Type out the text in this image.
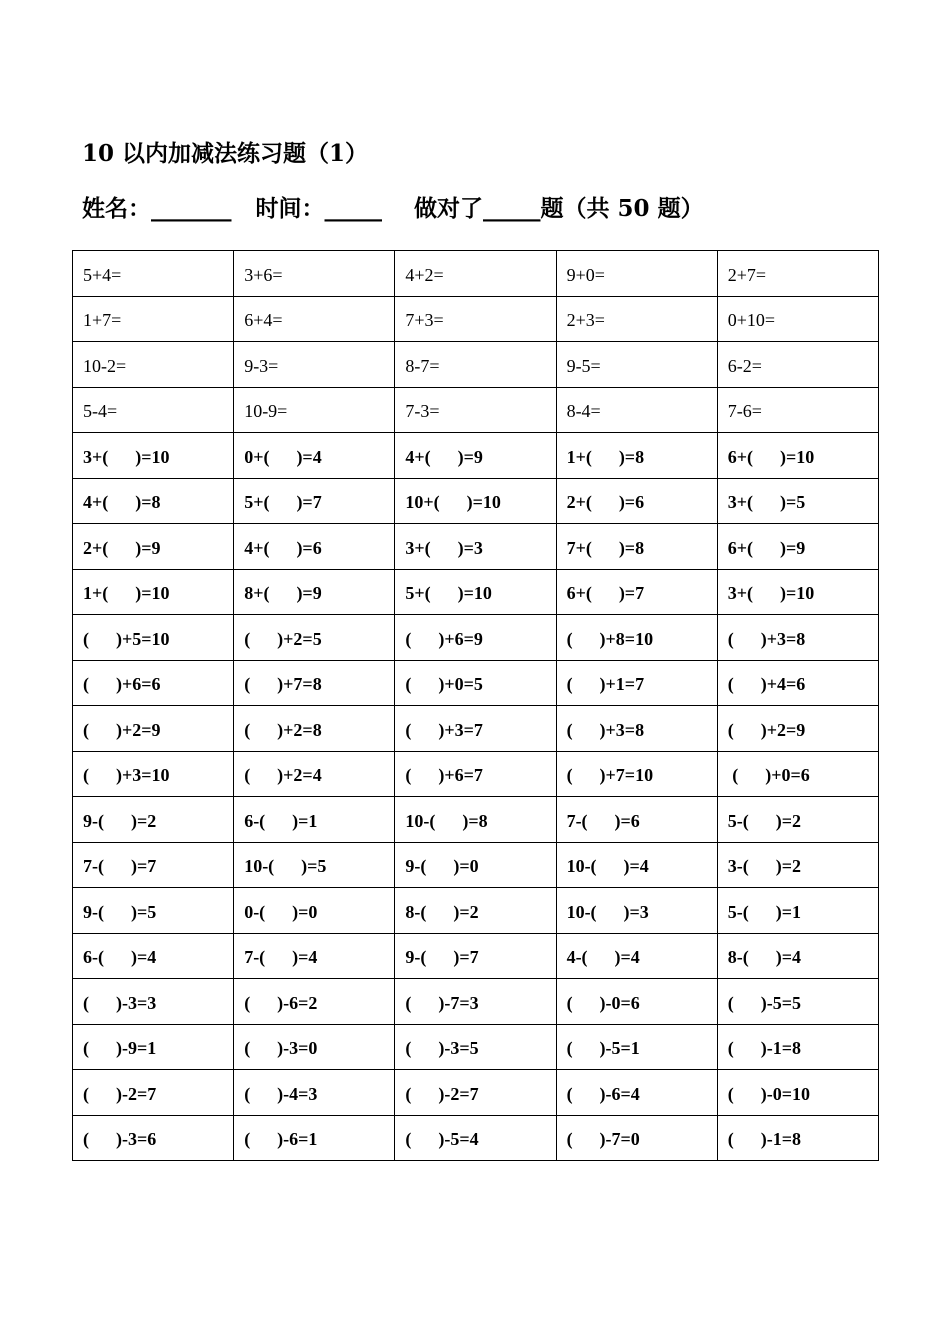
10 以内加减法练习题（1）
姓名：_______   时间：_____    做对了_____题（共 50 题）
5+4=	3+6=	4+2=	9+0=	2+7=
1+7=	6+4=	7+3=	2+3=	0+10=
10-2=	9-3=	8-7=	9-5=	6-2=
5-4=	10-9=	7-3=	8-4=	7-6=
3+(      )=10	0+(      )=4	4+(      )=9	1+(      )=8	6+(      )=10
4+(      )=8	5+(      )=7	10+(      )=10	2+(      )=6	3+(      )=5
2+(      )=9	4+(      )=6	3+(      )=3	7+(      )=8	6+(      )=9
1+(      )=10	8+(      )=9	5+(      )=10	6+(      )=7	3+(      )=10
(      )+5=10	(      )+2=5	(      )+6=9	(      )+8=10	(      )+3=8
(      )+6=6	(      )+7=8	(      )+0=5	(      )+1=7	(      )+4=6
(      )+2=9	(      )+2=8	(      )+3=7	(      )+3=8	(      )+2=9
(      )+3=10	(      )+2=4	(      )+6=7	(      )+7=10	(      )+0=6
9-(      )=2	6-(      )=1	10-(      )=8	7-(      )=6	5-(      )=2
7-(      )=7	10-(      )=5	9-(      )=0	10-(      )=4	3-(      )=2
9-(      )=5	0-(      )=0	8-(      )=2	10-(      )=3	5-(      )=1
6-(      )=4	7-(      )=4	9-(      )=7	4-(      )=4	8-(      )=4
(      )-3=3	(      )-6=2	(      )-7=3	(      )-0=6	(      )-5=5
(      )-9=1	(      )-3=0	(      )-3=5	(      )-5=1	(      )-1=8
(      )-2=7	(      )-4=3	(      )-2=7	(      )-6=4	(      )-0=10
(      )-3=6	(      )-6=1	(      )-5=4	(      )-7=0	(      )-1=8
